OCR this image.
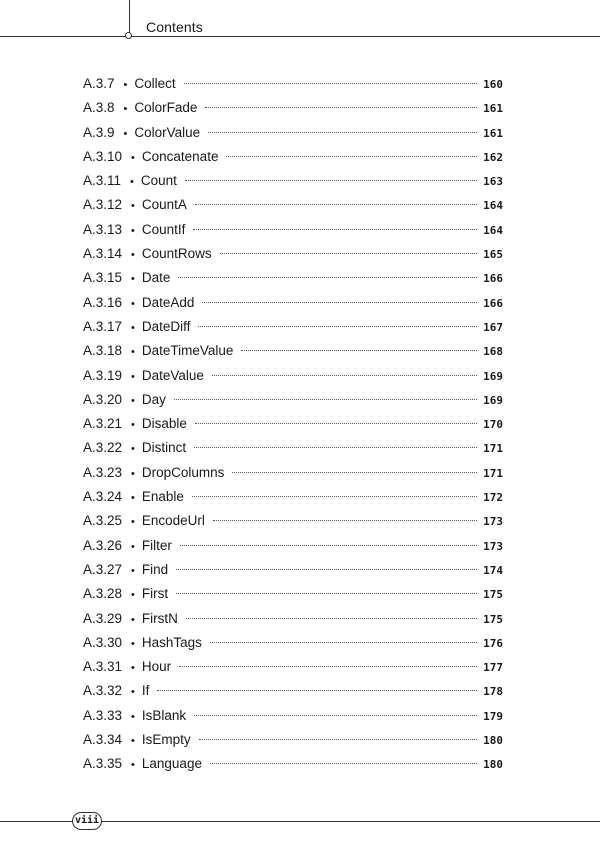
Contents
A.3.7 • Collect	160
A.3.8 • ColorFade	161
A.3.9 • ColorValue	161
A.3.10 • Concatenate	162
A.3.11 • Count	163
A.3.12 • CountA	164
A.3.13 • CountIf	164
A.3.14 • CountRows	165
A.3.15 • Date	166
A.3.16 • DateAdd	166
A.3.17 • DateDiff	167
A.3.18 • DateTimeValue	168
A.3.19 • DateValue	169
A.3.20 • Day	169
A.3.21 • Disable	170
A.3.22 • Distinct	171
A.3.23 • DropColumns	171
A.3.24 • Enable	172
A.3.25 • EncodeUrl	173
A.3.26 • Filter	173
A.3.27 • Find	174
A.3.28 • First	175
A.3.29 • FirstN	175
A.3.30 • HashTags	176
A.3.31 • Hour	177
A.3.32 • If	178
A.3.33 • IsBlank	179
A.3.34 • IsEmpty	180
A.3.35 • Language	180
viii
